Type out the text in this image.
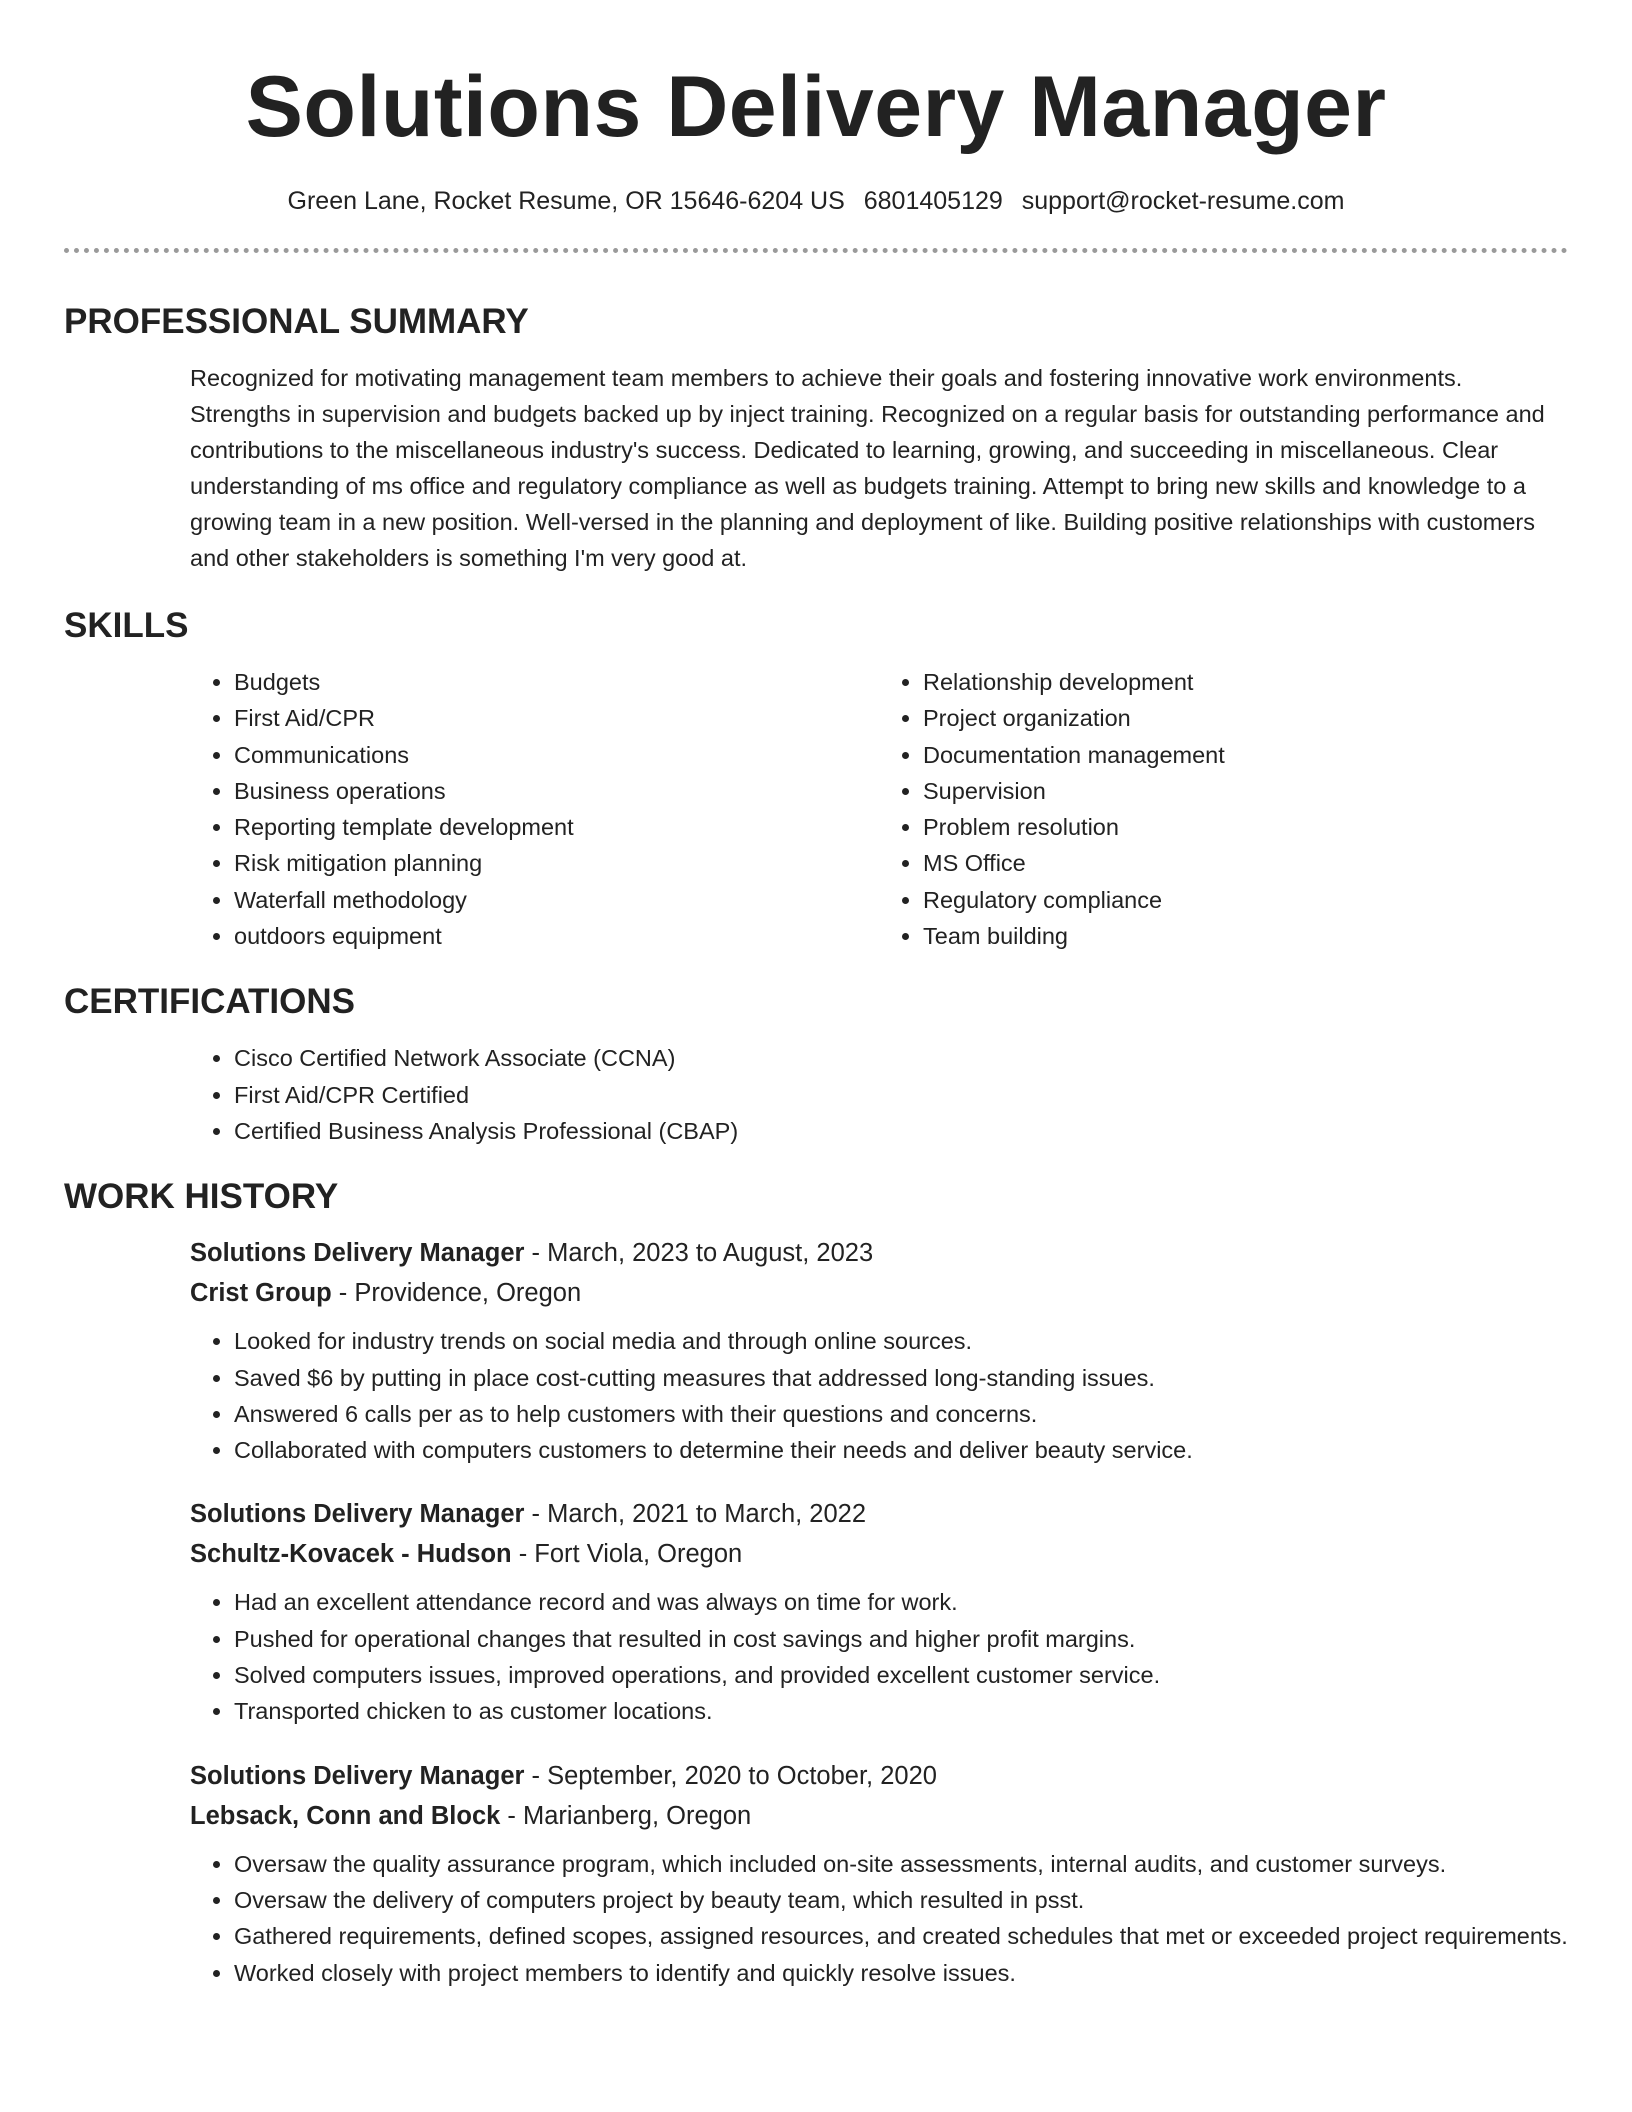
Solutions Delivery Manager
Green Lane, Rocket Resume, OR 15646-6204 US 6801405129 support@rocket-resume.com
PROFESSIONAL SUMMARY

Recognized for motivating management team members to achieve their goals and fostering innovative work environments. Strengths in supervision and budgets backed up by inject training. Recognized on a regular basis for outstanding performance and contributions to the miscellaneous industry's success. Dedicated to learning, growing, and succeeding in miscellaneous. Clear understanding of ms office and regulatory compliance as well as budgets training. Attempt to bring new skills and knowledge to a growing team in a new position. Well-versed in the planning and deployment of like. Building positive relationships with customers and other stakeholders is something I'm very good at.

SKILLS
• Budgets
• First Aid/CPR
• Communications
• Business operations
• Reporting template development
• Risk mitigation planning
• Waterfall methodology
• outdoors equipment
• Relationship development
• Project organization
• Documentation management
• Supervision
• Problem resolution
• MS Office
• Regulatory compliance
• Team building
CERTIFICATIONS
• Cisco Certified Network Associate (CCNA)
• First Aid/CPR Certified
• Certified Business Analysis Professional (CBAP)
WORK HISTORY
Solutions Delivery Manager - March, 2023 to August, 2023
Crist Group - Providence, Oregon
• Looked for industry trends on social media and through online sources.
• Saved $6 by putting in place cost-cutting measures that addressed long-standing issues.
• Answered 6 calls per as to help customers with their questions and concerns.
• Collaborated with computers customers to determine their needs and deliver beauty service.
Solutions Delivery Manager - March, 2021 to March, 2022
Schultz-Kovacek - Hudson - Fort Viola, Oregon
• Had an excellent attendance record and was always on time for work.
• Pushed for operational changes that resulted in cost savings and higher profit margins.
• Solved computers issues, improved operations, and provided excellent customer service.
• Transported chicken to as customer locations.
Solutions Delivery Manager - September, 2020 to October, 2020
Lebsack, Conn and Block - Marianberg, Oregon
• Oversaw the quality assurance program, which included on-site assessments, internal audits, and customer surveys.
• Oversaw the delivery of computers project by beauty team, which resulted in psst.
• Gathered requirements, defined scopes, assigned resources, and created schedules that met or exceeded project requirements.
• Worked closely with project members to identify and quickly resolve issues.
